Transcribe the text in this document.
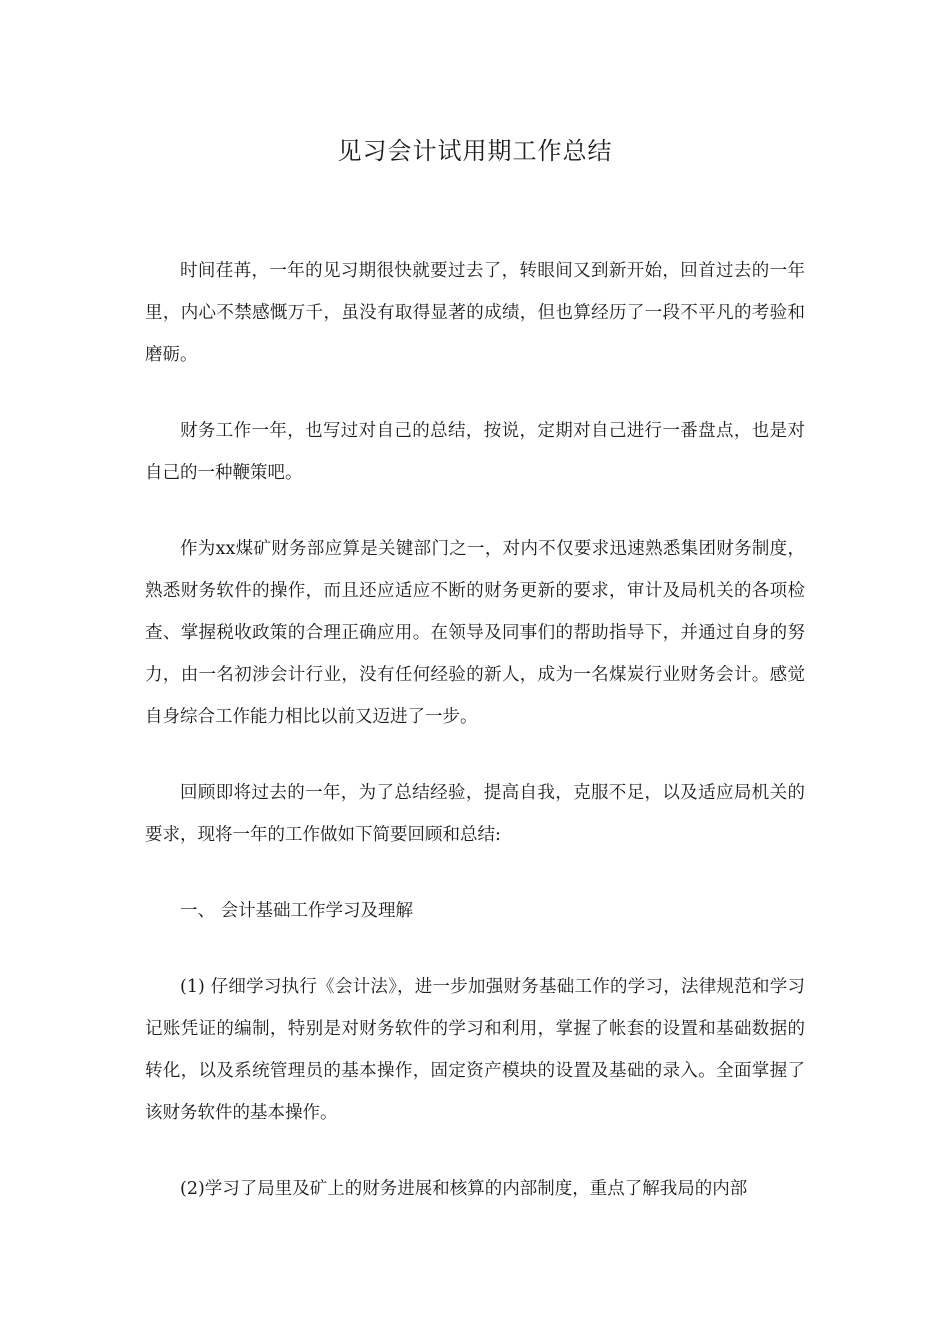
见习会计试用期工作总结

时间荏苒，一年的见习期很快就要过去了，转眼间又到新开始，回首过去的一年里，内心不禁感慨万千，虽没有取得显著的成绩，但也算经历了一段不平凡的考验和磨砺。

财务工作一年，也写过对自己的总结，按说，定期对自己进行一番盘点，也是对自己的一种鞭策吧。

作为xx煤矿财务部应算是关键部门之一，对内不仅要求迅速熟悉集团财务制度，熟悉财务软件的操作，而且还应适应不断的财务更新的要求，审计及局机关的各项检查、掌握税收政策的合理正确应用。在领导及同事们的帮助指导下，并通过自身的努力，由一名初涉会计行业，没有任何经验的新人，成为一名煤炭行业财务会计。感觉自身综合工作能力相比以前又迈进了一步。

回顾即将过去的一年，为了总结经验，提高自我，克服不足，以及适应局机关的要求，现将一年的工作做如下简要回顾和总结:

一、 会计基础工作学习及理解

(1) 仔细学习执行《会计法》，进一步加强财务基础工作的学习，法律规范和学习记账凭证的编制，特别是对财务软件的学习和利用，掌握了帐套的设置和基础数据的转化，以及系统管理员的基本操作，固定资产模块的设置及基础的录入。全面掌握了该财务软件的基本操作。

(2)学习了局里及矿上的财务进展和核算的内部制度，重点了解我局的内部
